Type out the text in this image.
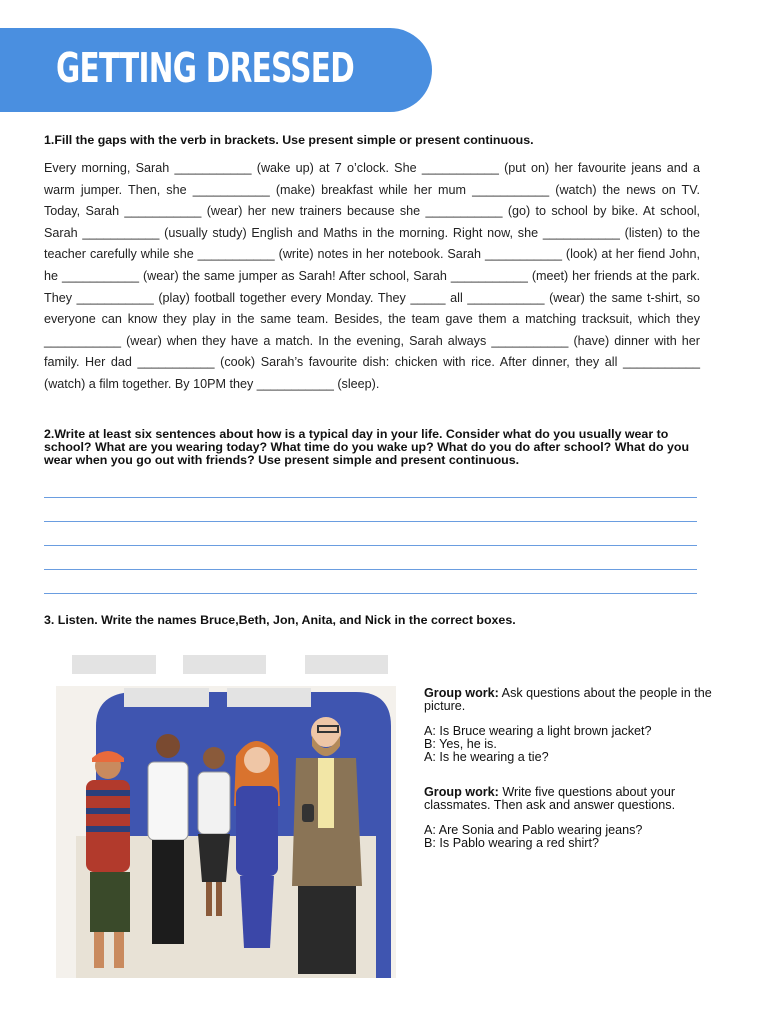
GETTING DRESSED

1.Fill the gaps with the verb in brackets. Use present simple or present continuous.

Every morning, Sarah ___________ (wake up) at 7 o’clock. She ___________ (put on) her favourite jeans and a warm jumper. Then, she ___________ (make) breakfast while her mum ___________ (watch) the news on TV. Today, Sarah ___________ (wear) her new trainers because she ___________ (go) to school by bike. At school, Sarah ___________ (usually study) English and Maths in the morning. Right now, she ___________ (listen) to the teacher carefully while she ___________ (write) notes in her notebook. Sarah ___________ (look) at her fiend John, he ___________ (wear) the same jumper as Sarah! After school, Sarah ___________ (meet) her friends at the park. They ___________ (play) football together every Monday. They _____ all ___________ (wear) the same t-shirt, so everyone can know they play in the same team. Besides, the team gave them a matching tracksuit, which they ___________ (wear) when they have a match. In the evening, Sarah always ___________ (have) dinner with her family. Her dad ___________ (cook) Sarah’s favourite dish: chicken with rice. After dinner, they all ___________ (watch) a film together. By 10PM they ___________ (sleep).

2.Write at least six sentences about how is a typical day in your life. Consider what do you usually wear to school? What are you wearing today? What time do you wake up? What do you do after school? What do you wear when you go out with friends? Use present simple and present continuous.

3. Listen. Write the names Bruce,Beth, Jon, Anita, and Nick in the correct boxes.

Group work: Ask questions about the people in the picture.

A: Is Bruce wearing a light brown jacket?

B: Yes, he is.

A: Is he wearing a tie?

Group work: Write five questions about your classmates. Then ask and answer questions.

A: Are Sonia and Pablo wearing jeans?

B: Is Pablo wearing a red shirt?
